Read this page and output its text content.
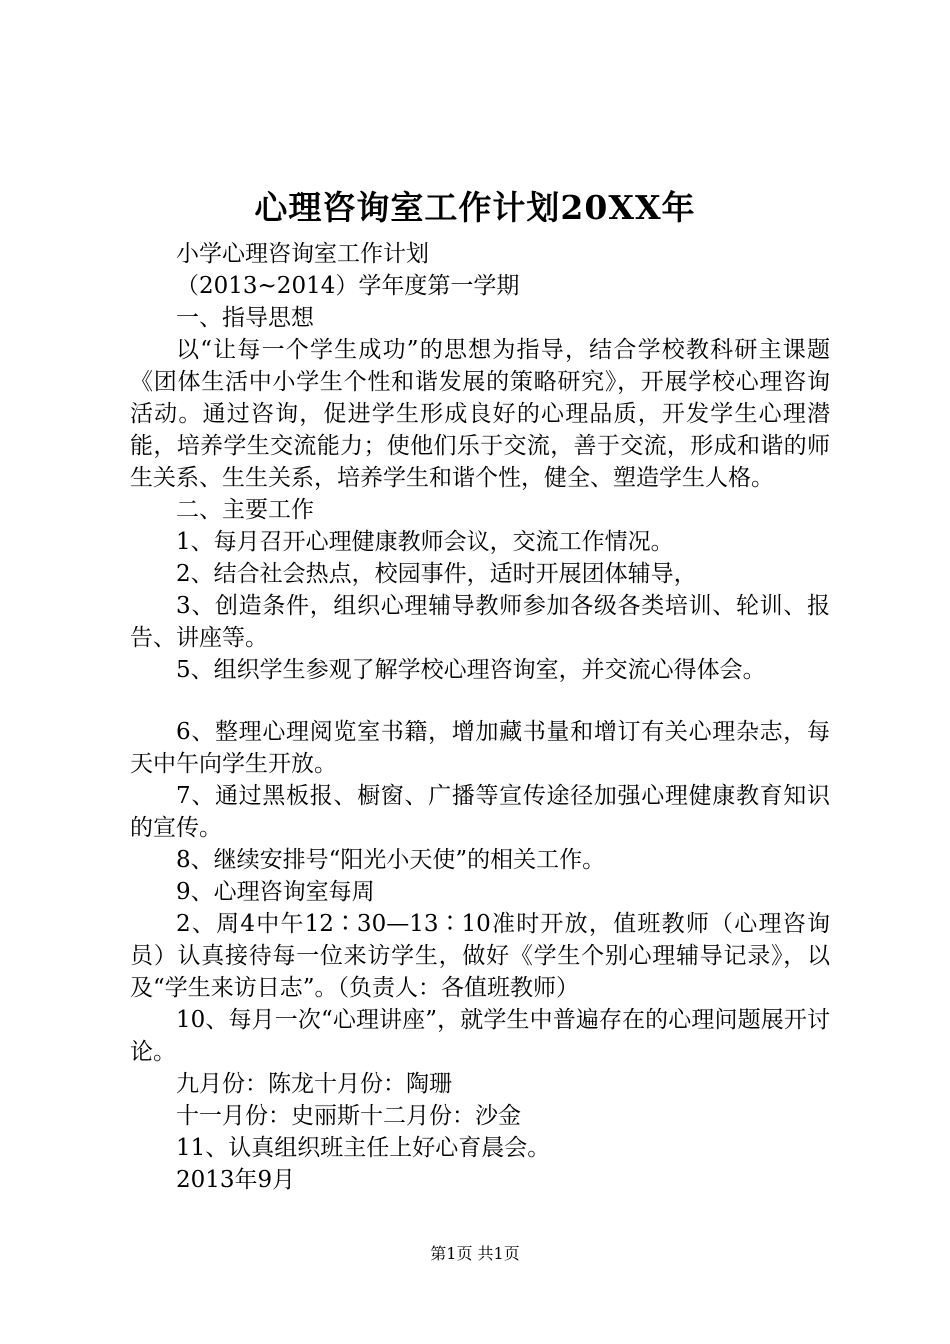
心理咨询室工作计划20XX年

小学心理咨询室工作计划

（2013~2014）学年度第一学期

一、指导思想

以“让每一个学生成功”的思想为指导，结合学校教科研主课题《团体生活中小学生个性和谐发展的策略研究》，开展学校心理咨询活动。通过咨询，促进学生形成良好的心理品质，开发学生心理潜能，培养学生交流能力；使他们乐于交流，善于交流，形成和谐的师生关系、生生关系，培养学生和谐个性，健全、塑造学生人格。

二、主要工作

1、每月召开心理健康教师会议，交流工作情况。

2、结合社会热点，校园事件，适时开展团体辅导，

3、创造条件，组织心理辅导教师参加各级各类培训、轮训、报告、讲座等。

5、组织学生参观了解学校心理咨询室，并交流心得体会。

6、整理心理阅览室书籍，增加藏书量和增订有关心理杂志，每天中午向学生开放。

7、通过黑板报、橱窗、广播等宣传途径加强心理健康教育知识的宣传。

8、继续安排号“阳光小天使”的相关工作。

9、心理咨询室每周

2、周4中午12∶30—13∶10准时开放，值班教师（心理咨询员）认真接待每一位来访学生，做好《学生个别心理辅导记录》，以及“学生来访日志”。（负责人：各值班教师）

10、每月一次“心理讲座”，就学生中普遍存在的心理问题展开讨论。

九月份：陈龙十月份：陶珊

十一月份：史丽斯十二月份：沙金

11、认真组织班主任上好心育晨会。

2013年9月

第1页 共1页
